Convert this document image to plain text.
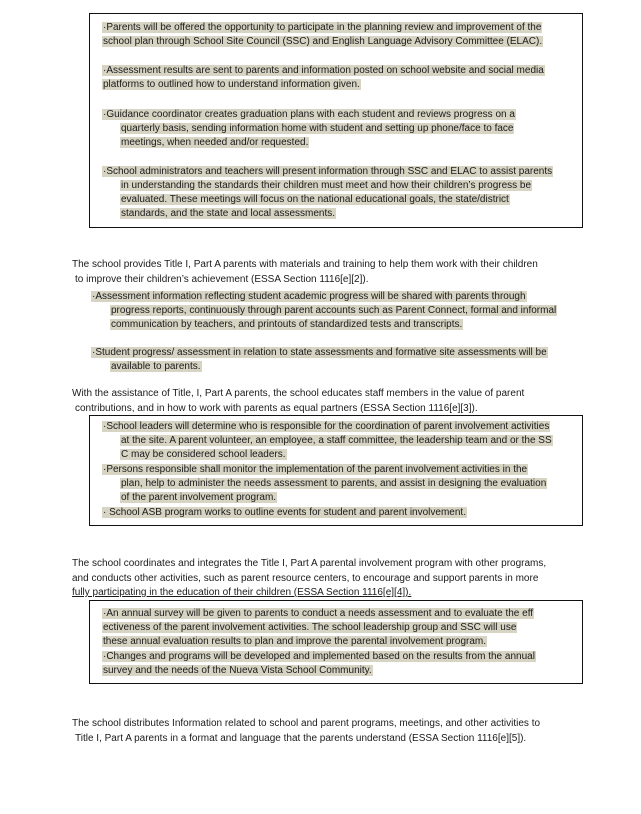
·Parents will be offered the opportunity to participate in the planning review and improvement of the
school plan through School Site Council (SSC) and English Language Advisory Committee (ELAC).
·Assessment results are sent to parents and information posted on school website and social media
platforms to outlined how to understand information given.
·Guidance coordinator creates graduation plans with each student and reviews progress on a
quarterly basis, sending information home with student and setting up phone/face to face
meetings, when needed and/or requested.
·School administrators and teachers will present information through SSC and ELAC to assist parents
in understanding the standards their children must meet and how their children’s progress be
evaluated. These meetings will focus on the national educational goals, the state/district
standards, and the state and local assessments.
The school provides Title I, Part A parents with materials and training to help them work with their children
to improve their children’s achievement (ESSA Section 1116[e][2]).
·Assessment information reflecting student academic progress will be shared with parents through
progress reports, continuously through parent accounts such as Parent Connect, formal and informal
communication by teachers, and printouts of standardized tests and transcripts.
·Student progress/ assessment in relation to state assessments and formative site assessments will be
available to parents.
With the assistance of Title, I, Part A parents, the school educates staff members in the value of parent
contributions, and in how to work with parents as equal partners (ESSA Section 1116[e][3]).
·School leaders will determine who is responsible for the coordination of parent involvement activities
at the site. A parent volunteer, an employee, a staff committee, the leadership team and or the SS
C may be considered school leaders.
·Persons responsible shall monitor the implementation of the parent involvement activities in the
plan, help to administer the needs assessment to parents, and assist in designing the evaluation
of the parent involvement program.
· School ASB program works to outline events for student and parent involvement.
The school coordinates and integrates the Title I, Part A parental involvement program with other programs,
and conducts other activities, such as parent resource centers, to encourage and support parents in more
fully participating in the education of their children (ESSA Section 1116[e][4]).
·An annual survey will be given to parents to conduct a needs assessment and to evaluate the eff
ectiveness of the parent involvement activities. The school leadership group and SSC will use
these annual evaluation results to plan and improve the parental involvement program.
·Changes and programs will be developed and implemented based on the results from the annual
survey and the needs of the Nueva Vista School Community.
The school distributes Information related to school and parent programs, meetings, and other activities to
Title I, Part A parents in a format and language that the parents understand (ESSA Section 1116[e][5]).
